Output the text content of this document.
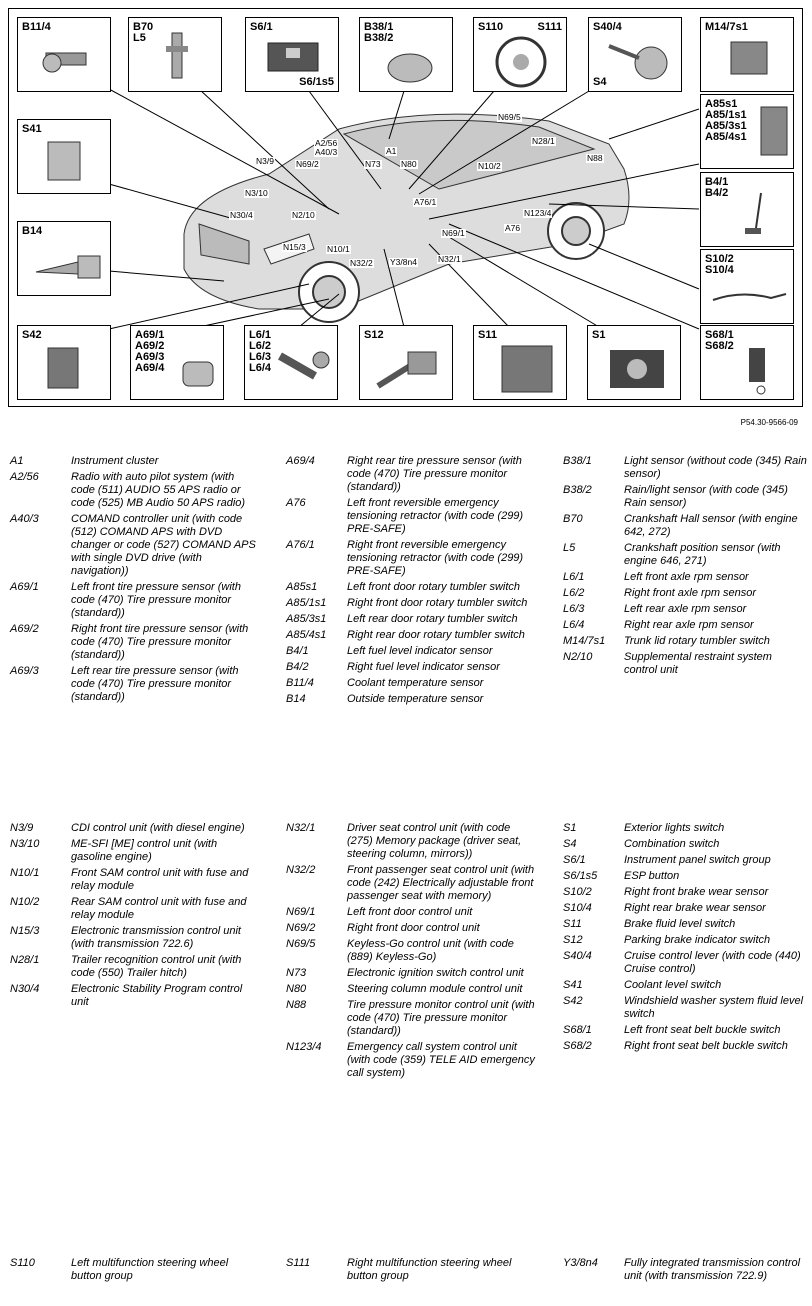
B11/4	B70
L5
S6/1
S6/1s5
B38/1
B38/2
S110	S111	S40/4
S4
M14/7s1
S41
A85s1
A85/1s1
A85/3s1
A85/4s1
B4/1
B4/2
B14
S10/2
S10/4
S42	A69/1
A69/2
A69/3
A69/4
L6/1
L6/2
L6/3
L6/4
S12	S11	S1	S68/1
S68/2
A2/56
A40/3
N69/5
N28/1
N3/9	N69/2	N73
A1
N80	N10/2
N88
N3/10
A76/1
N30/4	N2/10	N123/4
A76
N69/1
N15/3	N10/1
N32/2 Y3/8n4 N32/1
P54.30-9566-09
A1	Instrument cluster
A2/56	Radio with auto pilot system (with code (511) AUDIO 55 APS radio or code (525) MB Audio 50 APS radio)
A40/3	COMAND controller unit (with code (512) COMAND APS with DVD changer or code (527) COMAND APS with single DVD drive (with navigation))
A69/1	Left front tire pressure sensor (with code (470) Tire pressure monitor (standard))
A69/2	Right front tire pressure sensor (with code (470) Tire pressure monitor (standard))
A69/3	Left rear tire pressure sensor (with code (470) Tire pressure monitor (standard))
A69/4	Right rear tire pressure sensor (with code (470) Tire pressure monitor (standard))
A76	Left front reversible emergency tensioning retractor (with code (299) PRE-SAFE)
A76/1	Right front reversible emergency tensioning retractor (with code (299) PRE-SAFE)
A85s1	Left front door rotary tumbler switch
A85/1s1 Right front door rotary tumbler switch
A85/3s1 Left rear door rotary tumbler switch
A85/4s1 Right rear door rotary tumbler switch
B4/1	Left fuel level indicator sensor
B4/2	Right fuel level indicator sensor
B11/4	Coolant temperature sensor
B14	Outside temperature sensor
B38/1	Light sensor (without code (345) Rain sensor)
B38/2	Rain/light sensor (with code (345) Rain sensor)
B70	Crankshaft Hall sensor (with engine 642, 272)
L5	Crankshaft position sensor (with engine 646, 271)
L6/1	Left front axle rpm sensor
L6/2	Right front axle rpm sensor
L6/3	Left rear axle rpm sensor
L6/4	Right rear axle rpm sensor
M14/7s1 Trunk lid rotary tumbler switch
N2/10	Supplemental restraint system control unit
N3/9	CDI control unit (with diesel engine)
N3/10	ME-SFI [ME] control unit (with gasoline engine)
N10/1	Front SAM control unit with fuse and relay module
N10/2	Rear SAM control unit with fuse and relay module
N15/3	Electronic transmission control unit (with transmission 722.6)
N28/1	Trailer recognition control unit (with code (550) Trailer hitch)
N30/4	Electronic Stability Program control unit
N32/1	Driver seat control unit (with code (275) Memory package (driver seat, steering column, mirrors))
N32/2	Front passenger seat control unit (with code (242) Electrically adjustable front passenger seat with memory)
N69/1	Left front door control unit
N69/2	Right front door control unit
N69/5	Keyless-Go control unit (with code (889) Keyless-Go)
N73	Electronic ignition switch control unit
N80	Steering column module control unit
N88	Tire pressure monitor control unit (with code (470) Tire pressure monitor (standard))
N123/4 Emergency call system control unit (with code (359) TELE AID emergency call system)
S1	Exterior lights switch
S4	Combination switch
S6/1	Instrument panel switch group
S6/1s5 ESP button
S10/2	Right front brake wear sensor
S10/4	Right rear brake wear sensor
S11	Brake fluid level switch
S12	Parking brake indicator switch
S40/4	Cruise control lever (with code (440) Cruise control)
S41	Coolant level switch
S42	Windshield washer system fluid level switch
S68/1	Left front seat belt buckle switch
S68/2	Right front seat belt buckle switch
S110	Left multifunction steering wheel button group
S111	Right multifunction steering wheel button group
Y3/8n4 Fully integrated transmission control unit (with transmission 722.9)
